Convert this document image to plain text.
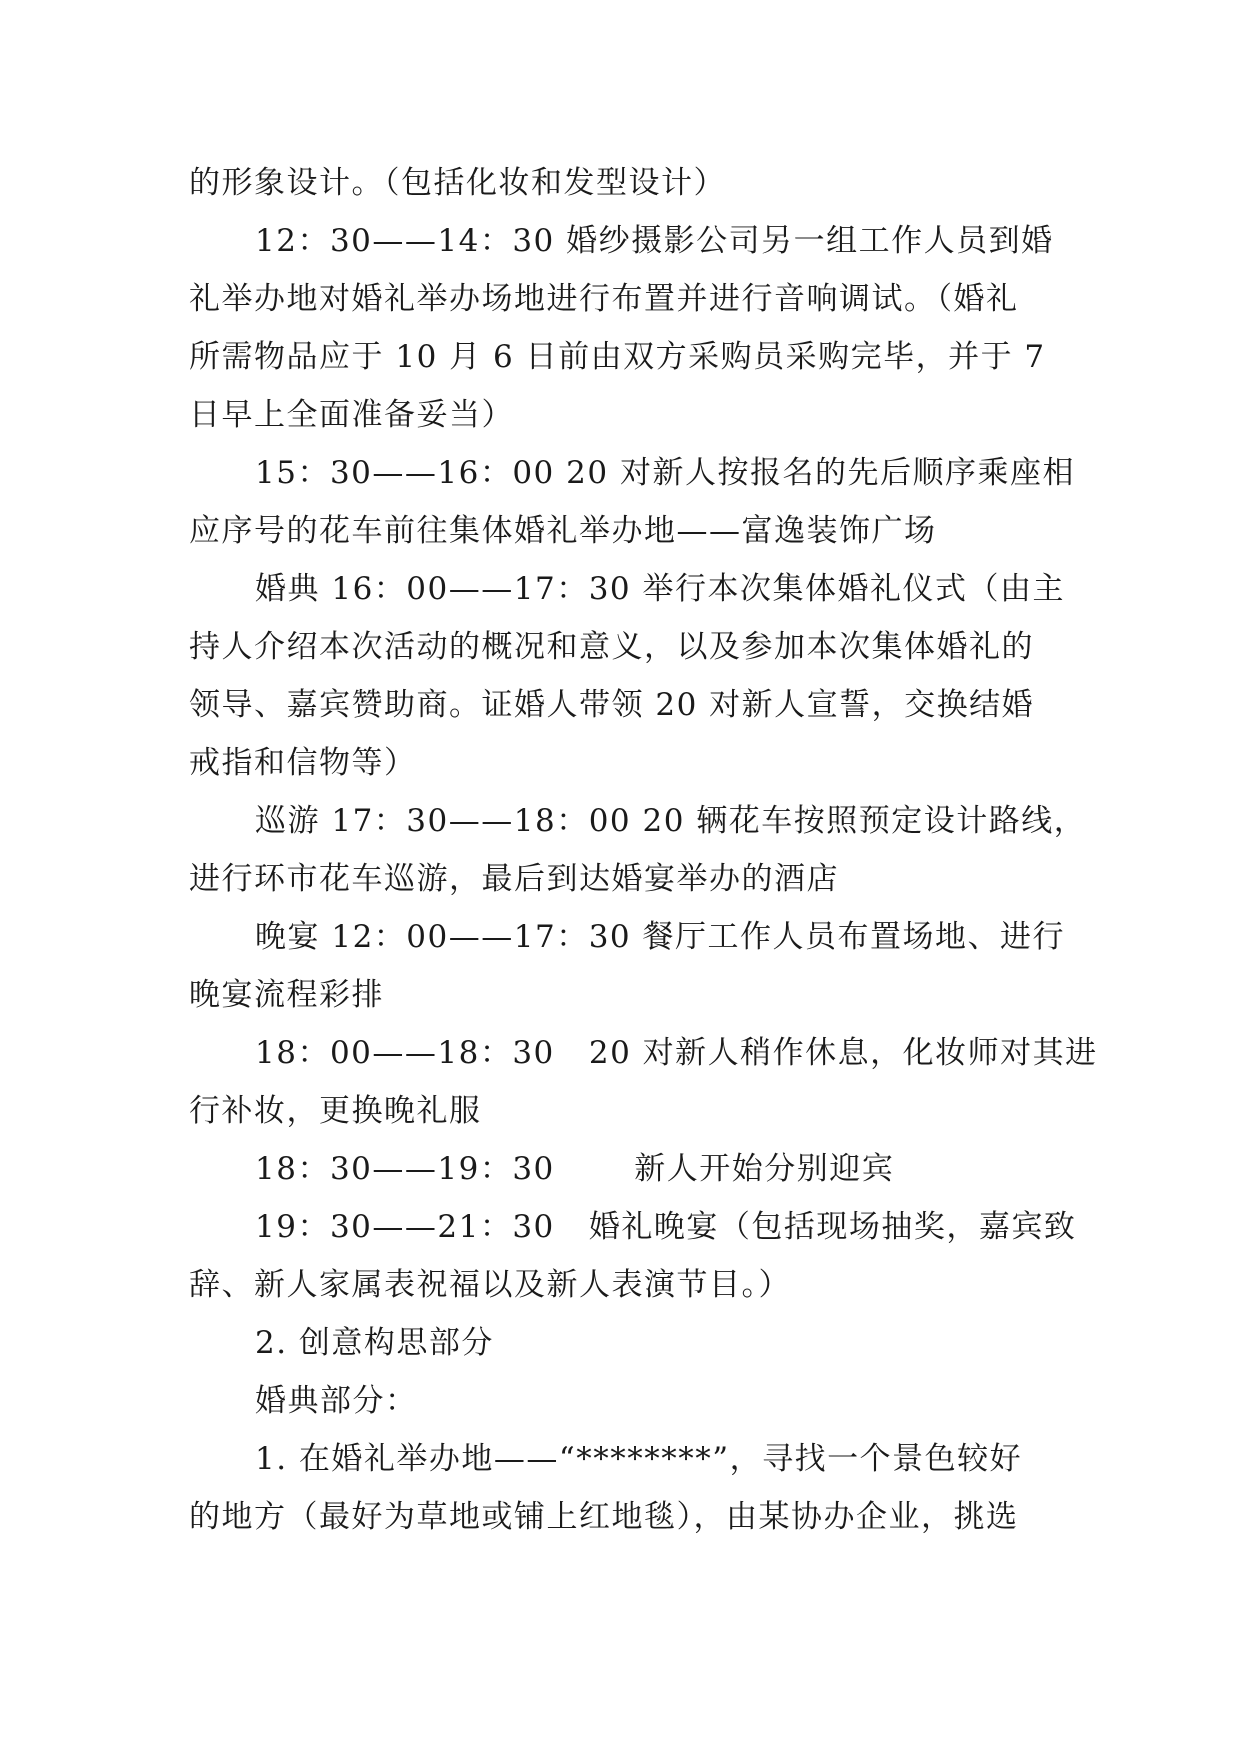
的形象设计。（包括化妆和发型设计）
12：30——14：30 婚纱摄影公司另一组工作人员到婚
礼举办地对婚礼举办场地进行布置并进行音响调试。（婚礼
所需物品应于 10 月 6 日前由双方采购员采购完毕，并于 7
日早上全面准备妥当）
15：30——16：00 20 对新人按报名的先后顺序乘座相
应序号的花车前往集体婚礼举办地——富逸装饰广场
婚典 16：00——17：30 举行本次集体婚礼仪式（由主
持人介绍本次活动的概况和意义，以及参加本次集体婚礼的
领导、嘉宾赞助商。证婚人带领 20 对新人宣誓，交换结婚
戒指和信物等）
巡游 17：30——18：00 20 辆花车按照预定设计路线，
进行环市花车巡游，最后到达婚宴举办的酒店
晚宴 12：00——17：30 餐厅工作人员布置场地、进行
晚宴流程彩排
18：00——18：30   20 对新人稍作休息，化妆师对其进
行补妆，更换晚礼服
18：30——19：30       新人开始分别迎宾
19：30——21：30   婚礼晚宴（包括现场抽奖，嘉宾致
辞、新人家属表祝福以及新人表演节目。）
2. 创意构思部分
婚典部分：
1. 在婚礼举办地——“********”，寻找一个景色较好
的地方（最好为草地或铺上红地毯），由某协办企业，挑选
